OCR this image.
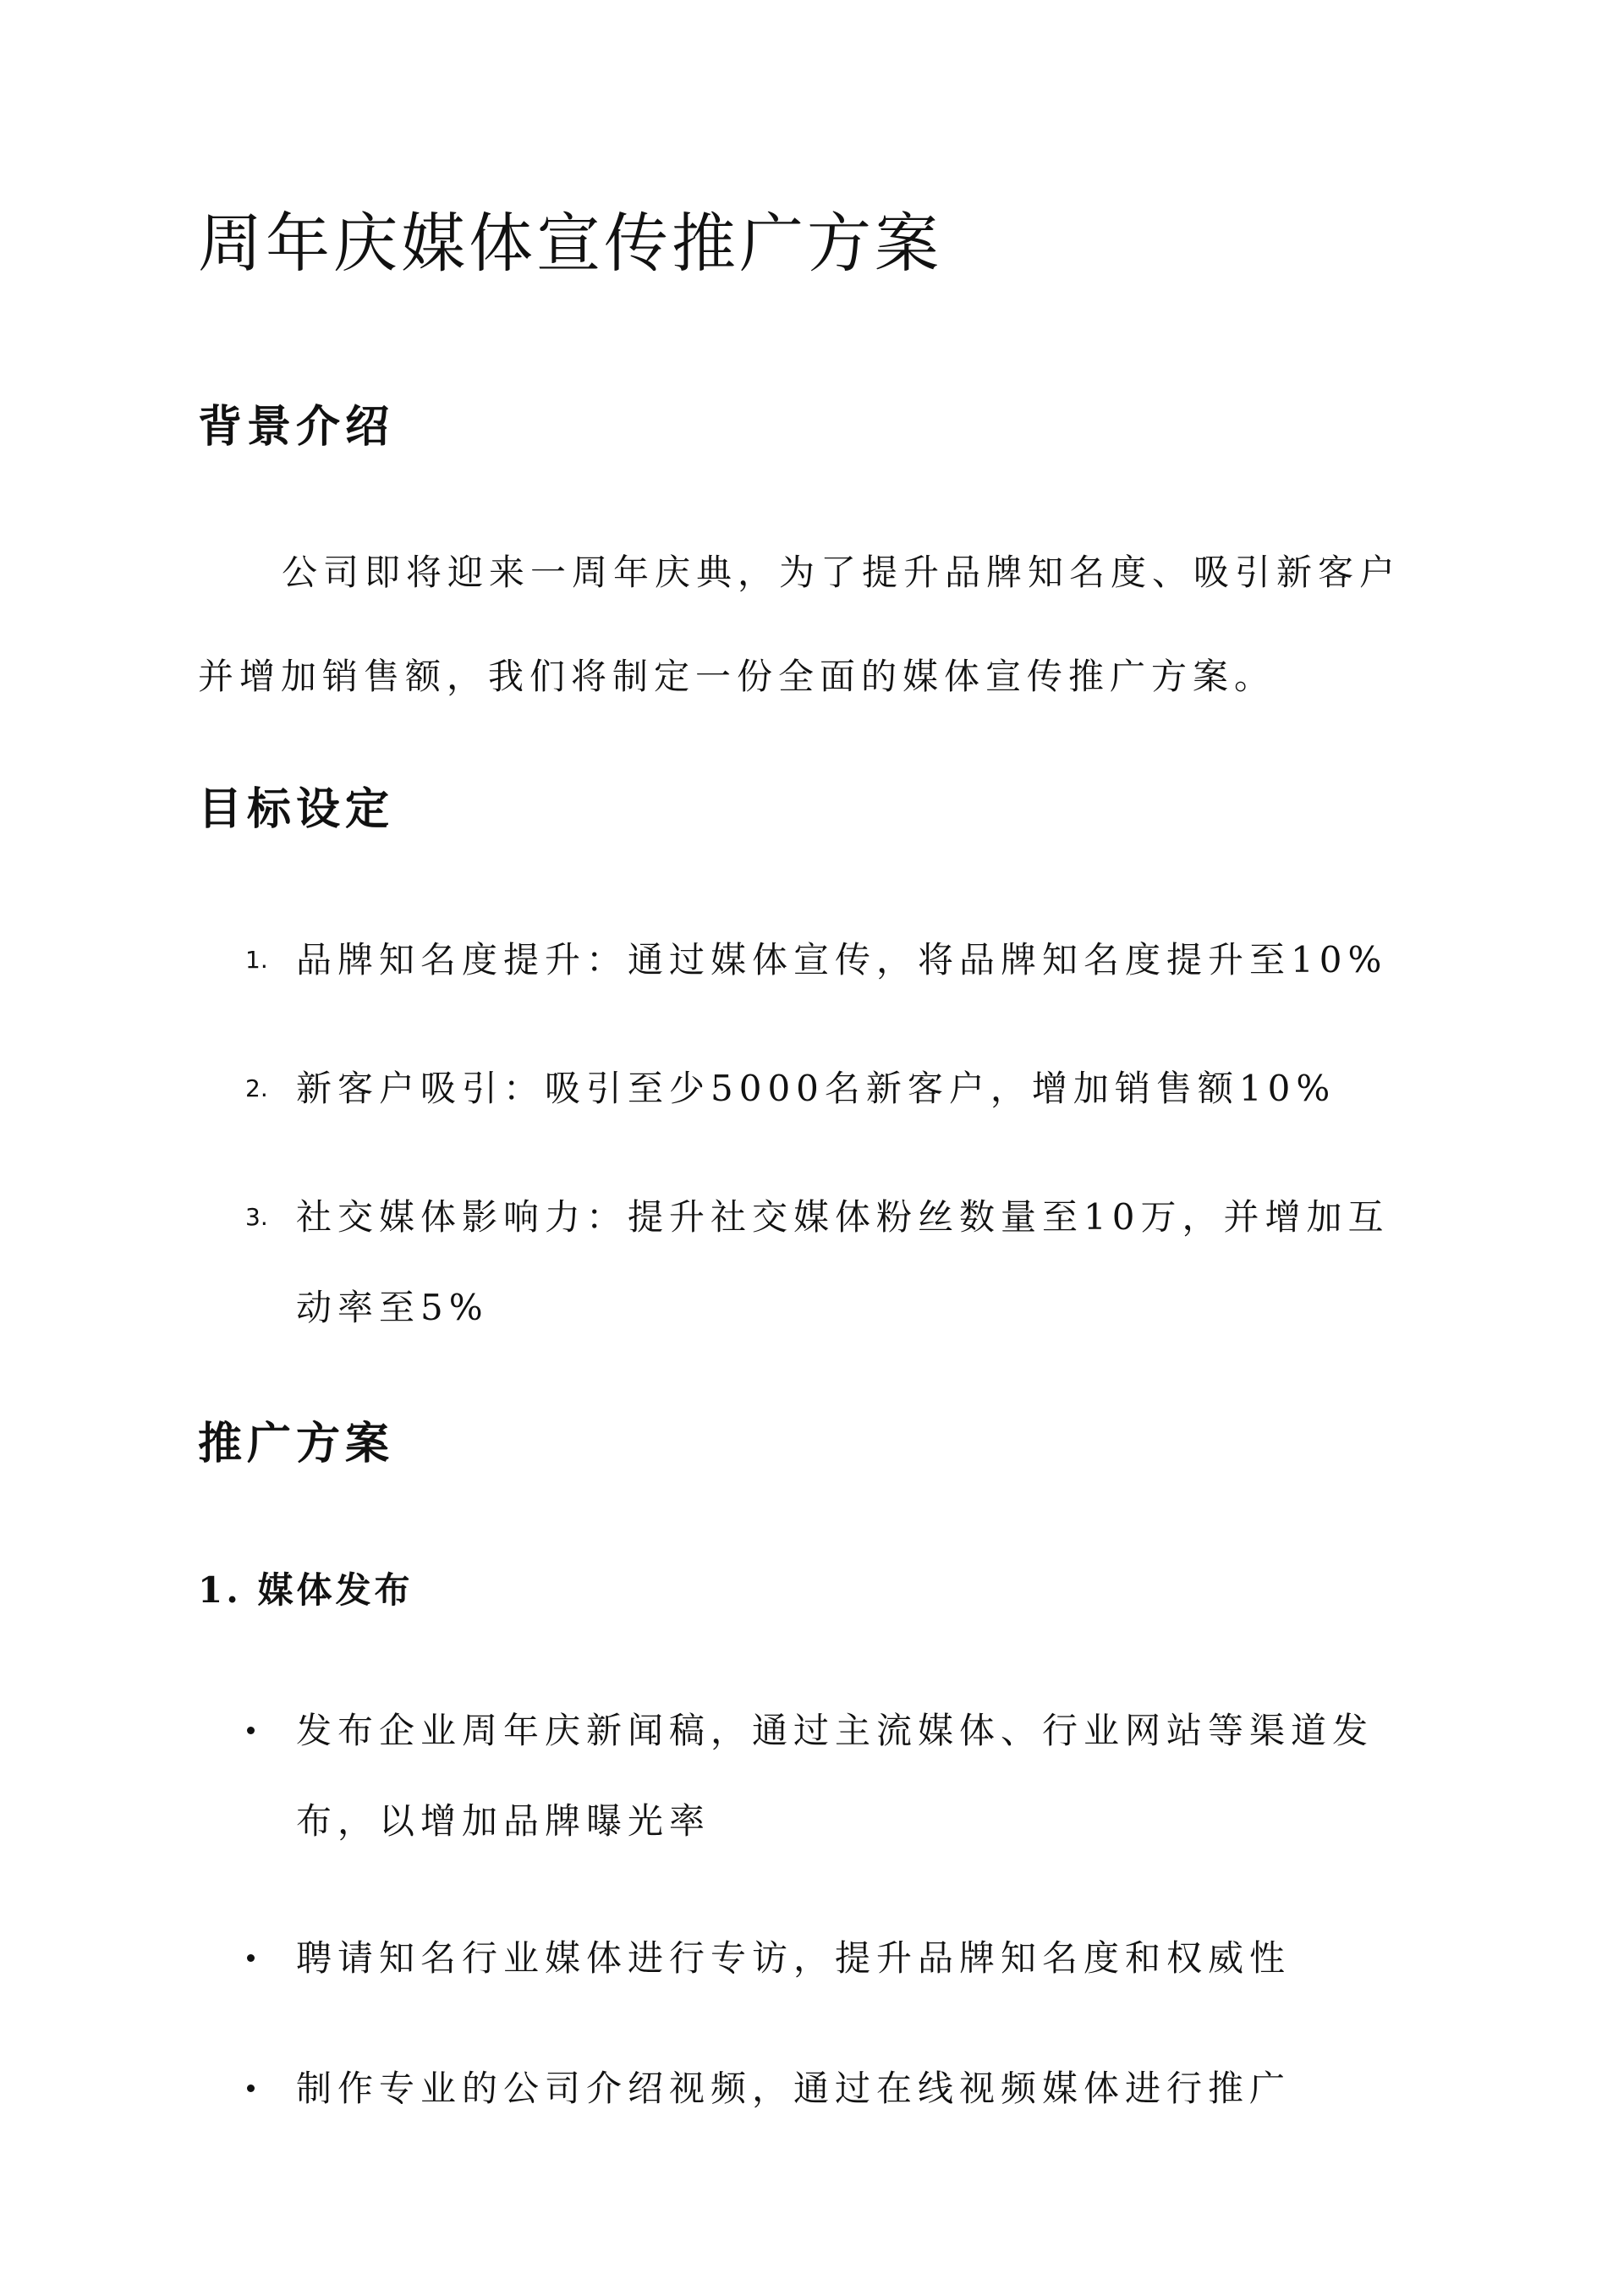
周年庆媒体宣传推广方案
背景介绍

公司即将迎来一周年庆典，为了提升品牌知名度、吸引新客户

并增加销售额，我们将制定一份全面的媒体宣传推广方案。

目标设定
1. 品牌知名度提升：通过媒体宣传，将品牌知名度提升至10%

2. 新客户吸引：吸引至少5000名新客户，增加销售额10%

3. 社交媒体影响力：提升社交媒体粉丝数量至10万，并增加互

动率至5%

推广方案
1. 媒体发布

发布企业周年庆新闻稿，通过主流媒体、行业网站等渠道发

布，以增加品牌曝光率

聘请知名行业媒体进行专访，提升品牌知名度和权威性

制作专业的公司介绍视频，通过在线视频媒体进行推广
